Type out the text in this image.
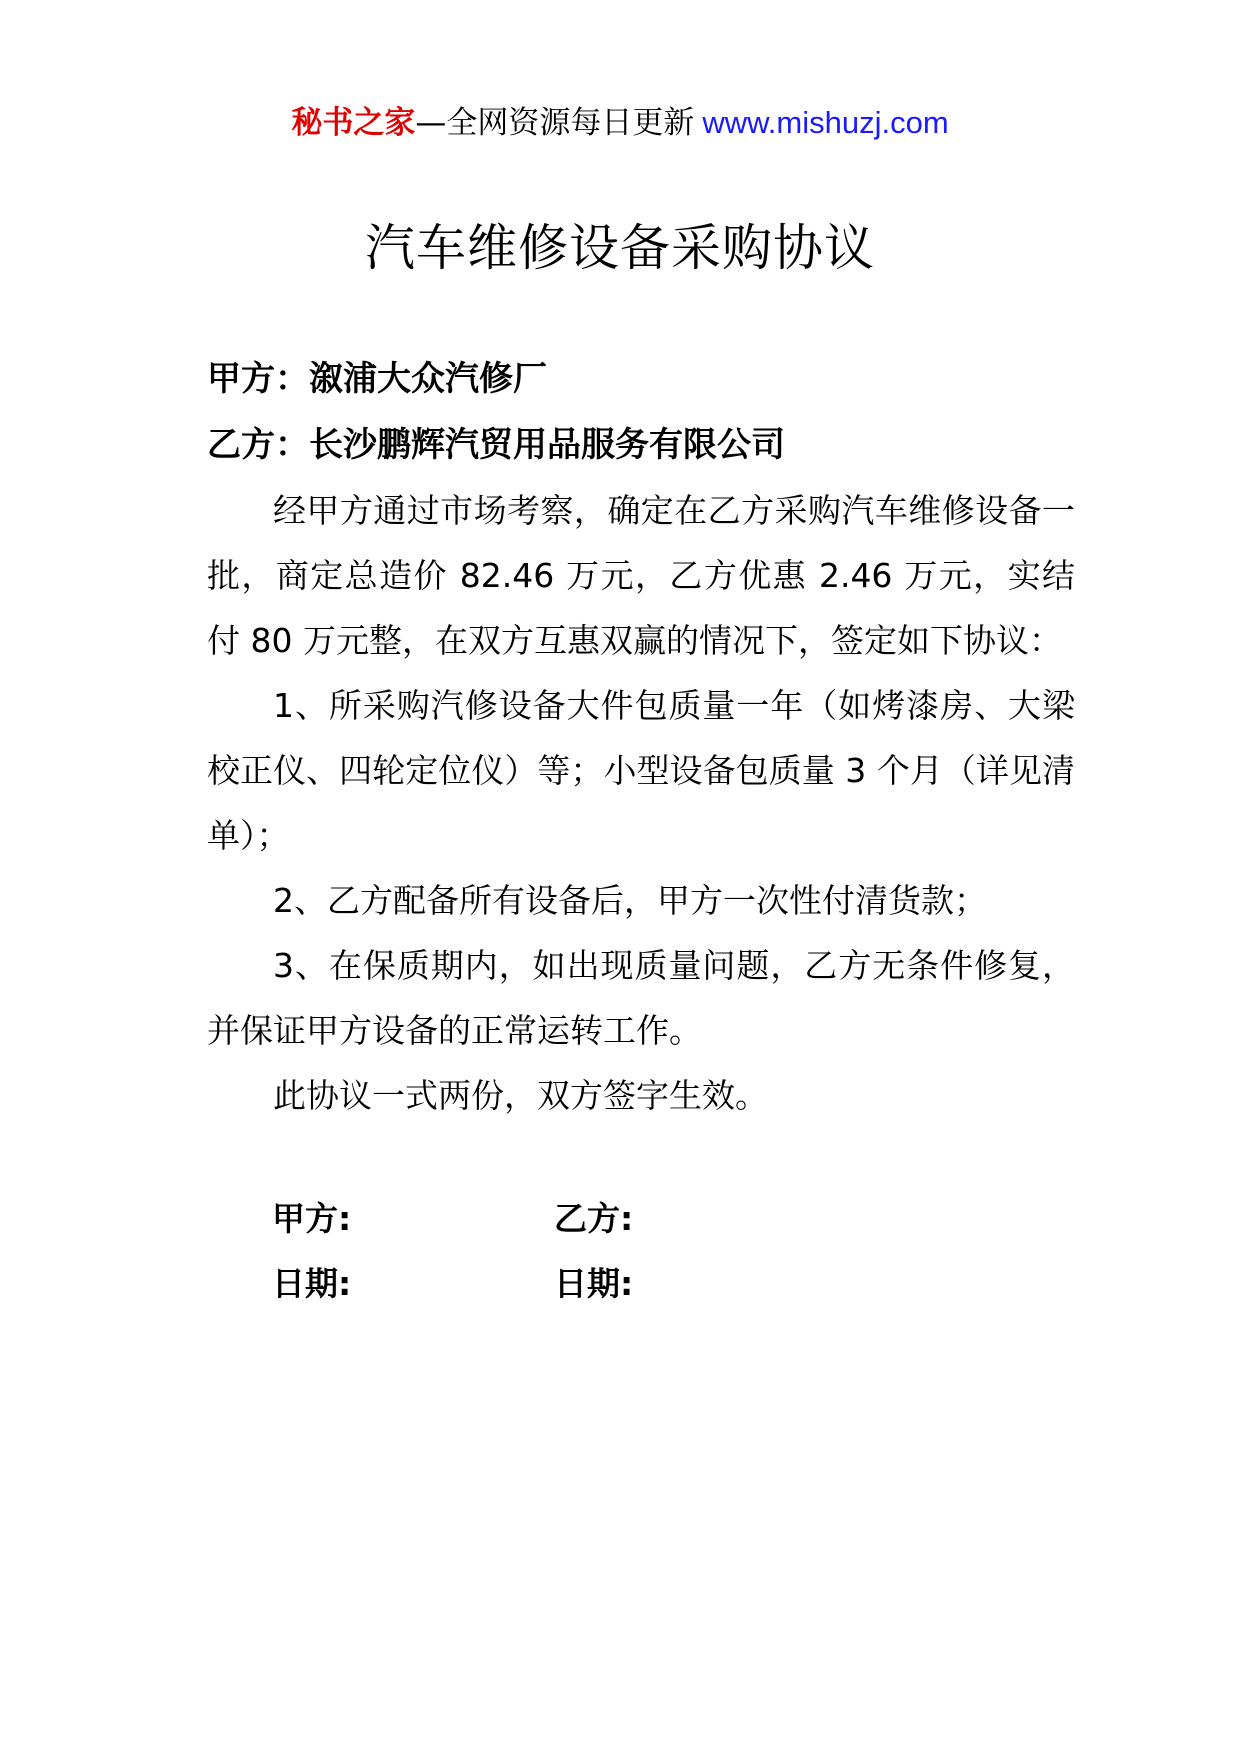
秘书之家—全网资源每日更新 www.mishuzj.com
汽车维修设备采购协议
甲方：溆浦大众汽修厂
乙方：长沙鹏辉汽贸用品服务有限公司

经甲方通过市场考察，确定在乙方采购汽车维修设备一批，商定总造价 82.46 万元，乙方优惠 2.46 万元，实结付 80 万元整，在双方互惠双赢的情况下，签定如下协议：

1、所采购汽修设备大件包质量一年（如烤漆房、大梁校正仪、四轮定位仪）等；小型设备包质量 3 个月（详见清单）；

2、乙方配备所有设备后，甲方一次性付清货款；

3、在保质期内，如出现质量问题，乙方无条件修复，并保证甲方设备的正常运转工作。

此协议一式两份，双方签字生效。

甲方:	乙方:
日期:	日期:
